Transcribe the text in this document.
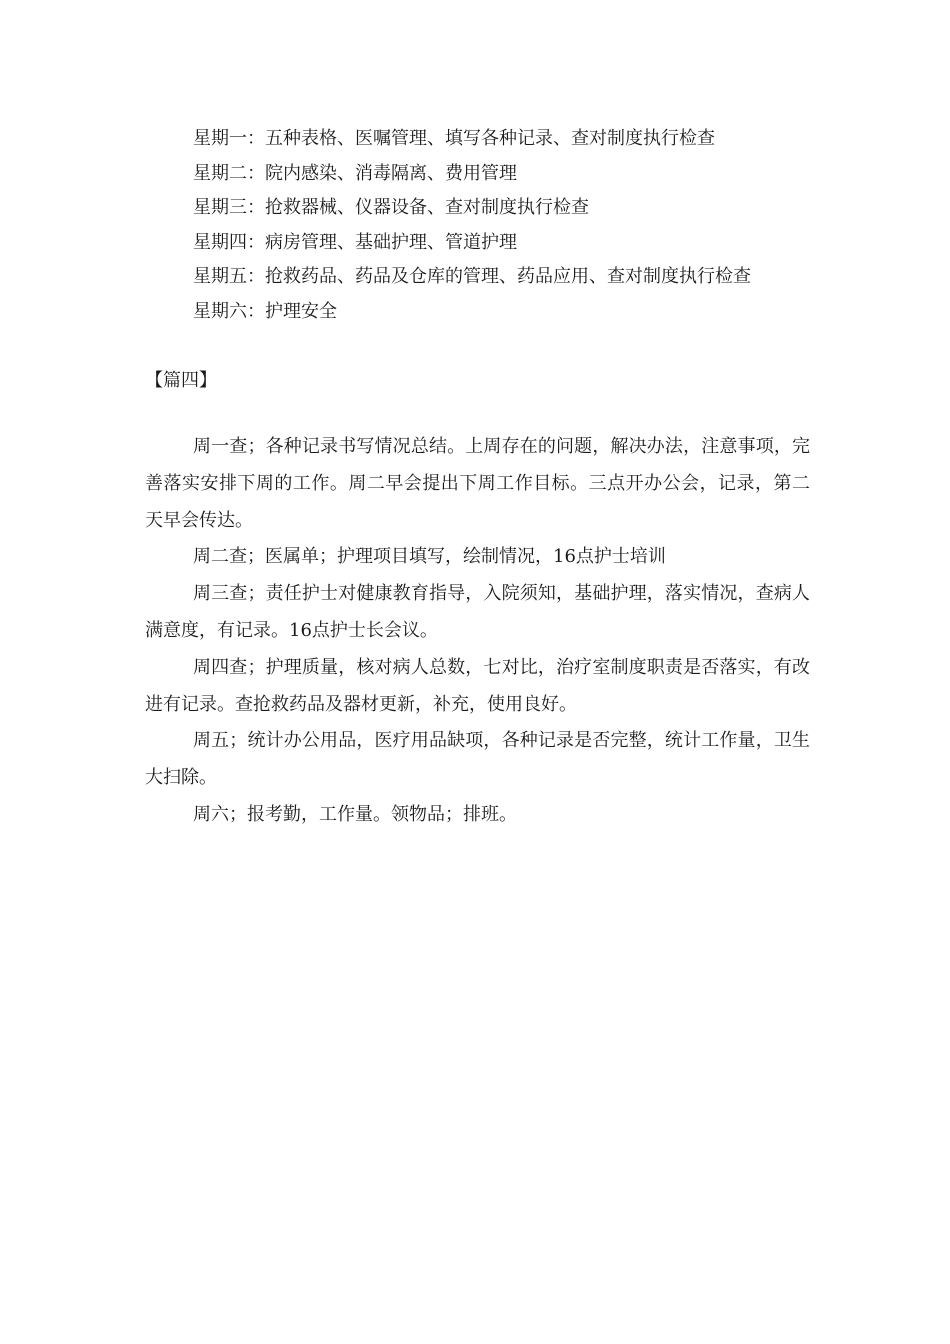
星期一：五种表格、医嘱管理、填写各种记录、查对制度执行检查
星期二：院内感染、消毒隔离、费用管理
星期三：抢救器械、仪器设备、查对制度执行检查
星期四：病房管理、基础护理、管道护理
星期五：抢救药品、药品及仓库的管理、药品应用、查对制度执行检查
星期六：护理安全
【篇四】

周一查；各种记录书写情况总结。上周存在的问题，解决办法，注意事项，完善落实安排下周的工作。周二早会提出下周工作目标。三点开办公会，记录，第二天早会传达。

周二查；医属单；护理项目填写，绘制情况，16点护士培训

周三查；责任护士对健康教育指导，入院须知，基础护理，落实情况，查病人满意度，有记录。16点护士长会议。

周四查；护理质量，核对病人总数，七对比，治疗室制度职责是否落实，有改进有记录。查抢救药品及器材更新，补充，使用良好。

周五；统计办公用品，医疗用品缺项，各种记录是否完整，统计工作量，卫生大扫除。

周六；报考勤，工作量。领物品；排班。
